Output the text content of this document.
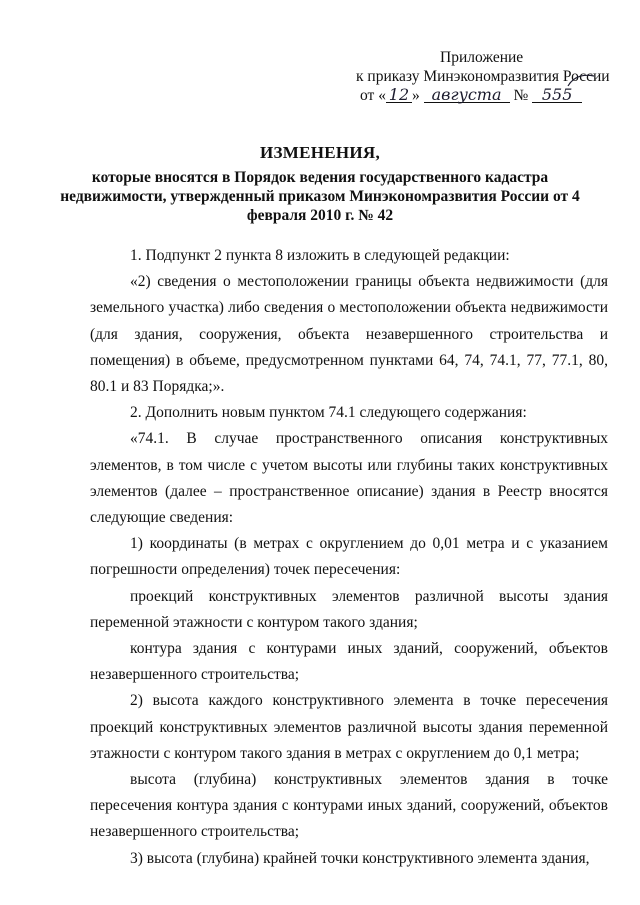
Приложение
к приказу Минэкономразвития России
от « 12 » августа № 555
ИЗМЕНЕНИЯ,
которые вносятся в Порядок ведения государственного кадастра недвижимости, утвержденный приказом Минэкономразвития России от 4 февраля 2010 г. № 42

1. Подпункт 2 пункта 8 изложить в следующей редакции:

«2) сведения о местоположении границы объекта недвижимости (для земельного участка) либо сведения о местоположении объекта недвижимости (для здания, сооружения, объекта незавершенного строительства и помещения) в объеме, предусмотренном пунктами 64, 74, 74.1, 77, 77.1, 80, 80.1 и 83 Порядка;».

2. Дополнить новым пунктом 74.1 следующего содержания:

«74.1. В случае пространственного описания конструктивных элементов, в том числе с учетом высоты или глубины таких конструктивных элементов (далее – пространственное описание) здания в Реестр вносятся следующие сведения:

1) координаты (в метрах с округлением до 0,01 метра и с указанием погрешности определения) точек пересечения:

проекций конструктивных элементов различной высоты здания переменной этажности с контуром такого здания;

контура здания с контурами иных зданий, сооружений, объектов незавершенного строительства;

2) высота каждого конструктивного элемента в точке пересечения проекций конструктивных элементов различной высоты здания переменной этажности с контуром такого здания в метрах с округлением до 0,1 метра;

высота (глубина) конструктивных элементов здания в точке пересечения контура здания с контурами иных зданий, сооружений, объектов незавершенного строительства;

3) высота (глубина) крайней точки конструктивного элемента здания,
